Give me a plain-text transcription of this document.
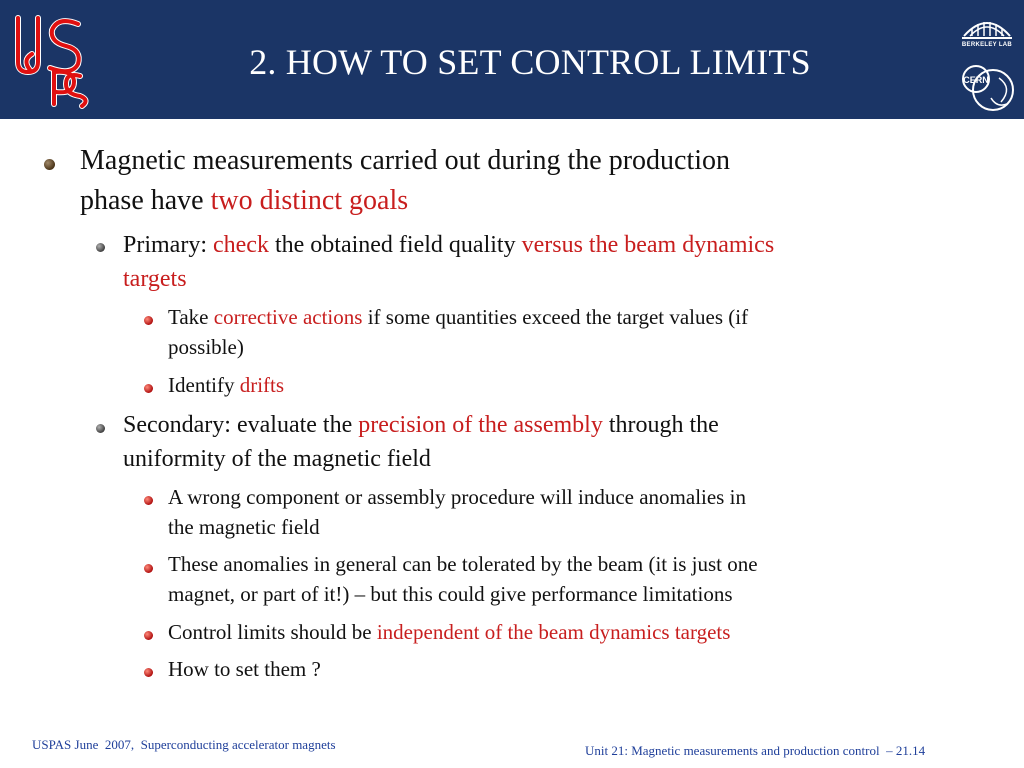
2. HOW TO SET CONTROL LIMITS	BERKELEY LAB
CERN
Magnetic measurements carried out during the production
phase have two distinct goals
Primary: check the obtained field quality versus the beam dynamics
targets
Take corrective actions if some quantities exceed the target values (if
possible)
Identify drifts
Secondary: evaluate the precision of the assembly through the
uniformity of the magnetic field
A wrong component or assembly procedure will induce anomalies in
the magnetic field
These anomalies in general can be tolerated by the beam (it is just one
magnet, or part of it!) – but this could give performance limitations
Control limits should be independent of the beam dynamics targets
How to set them ?
USPAS June  2007,  Superconducting accelerator magnets	Unit 21: Magnetic measurements and production control  – 21.14
